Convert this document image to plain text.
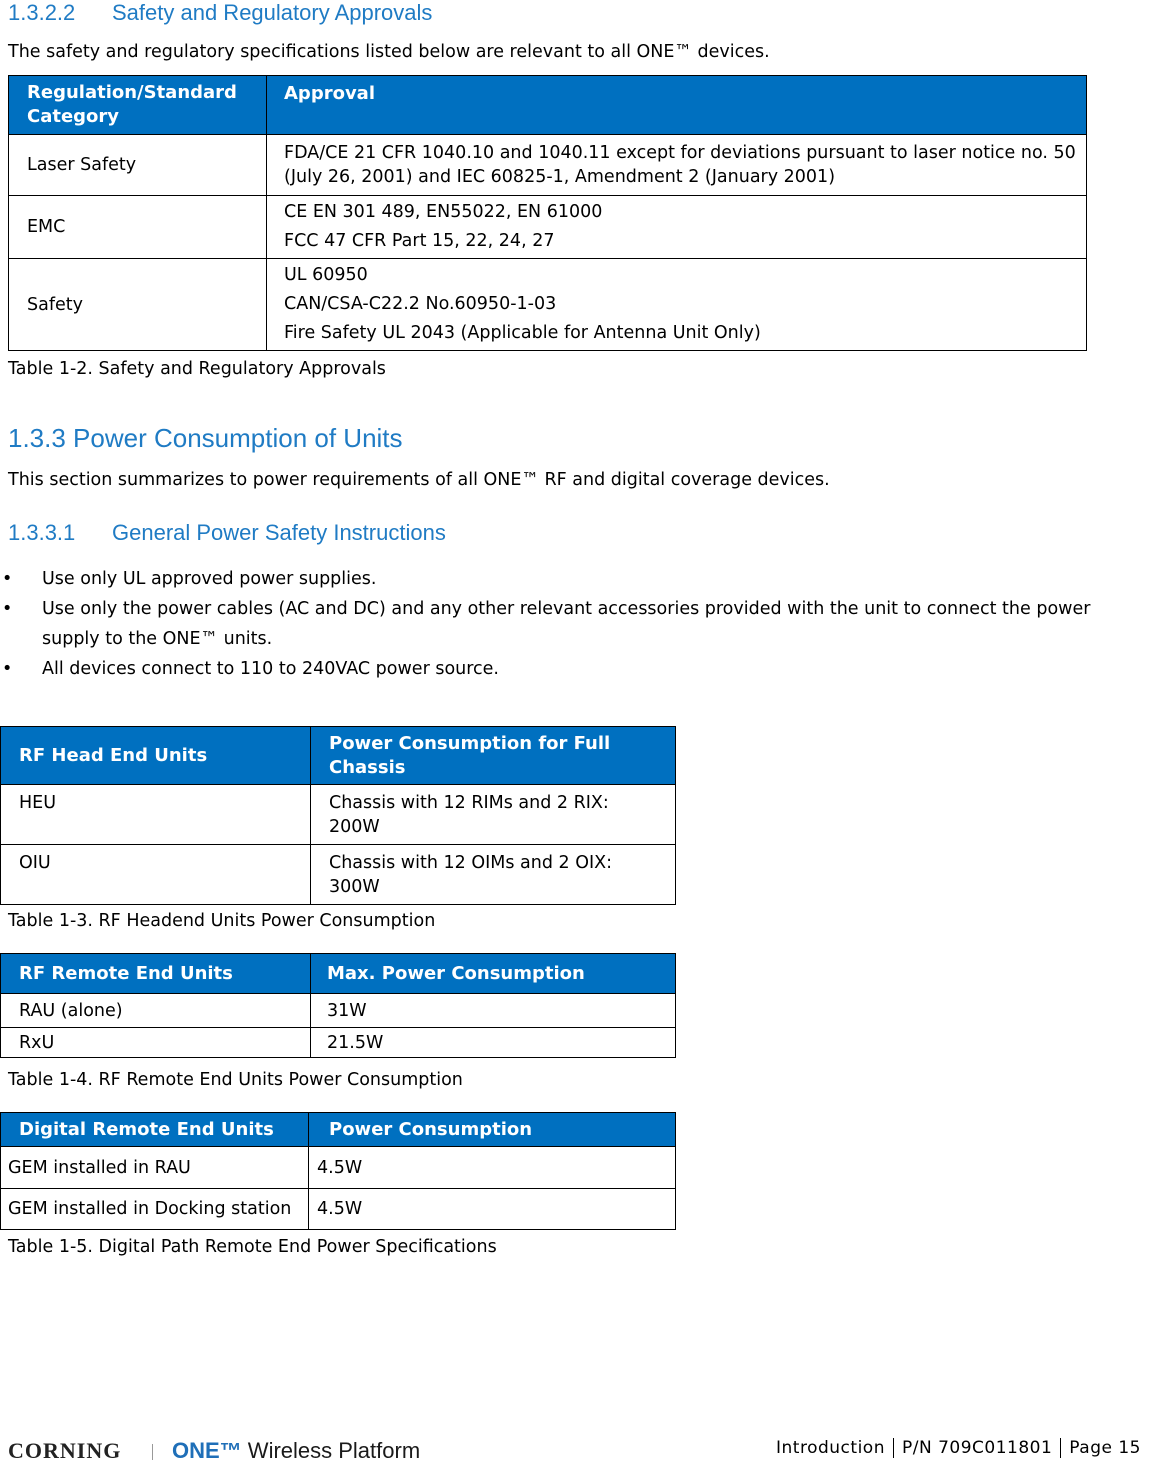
1.3.2.2 Safety and Regulatory Approvals

The safety and regulatory specifications listed below are relevant to all ONE™ devices.

Regulation/Standard Category	Approval
Laser Safety	FDA/CE 21 CFR 1040.10 and 1040.11 except for deviations pursuant to laser notice no. 50 (July 26, 2001) and IEC 60825-1, Amendment 2 (January 2001)

EMC	CE EN 301 489, EN55022, EN 61000
FCC 47 CFR Part 15, 22, 24, 27

Safety	UL 60950
CAN/CSA-C22.2 No.60950-1-03
Fire Safety UL 2043 (Applicable for Antenna Unit Only)

Table 1-2. Safety and Regulatory Approvals

1.3.3 Power Consumption of Units

This section summarizes to power requirements of all ONE™ RF and digital coverage devices.

1.3.3.1 General Power Safety Instructions
• Use only UL approved power supplies.
• Use only the power cables (AC and DC) and any other relevant accessories provided with the unit to connect the power supply to the ONE™ units.
• All devices connect to 110 to 240VAC power source.
RF Head End Units	Power Consumption for Full Chassis
HEU	Chassis with 12 RIMs and 2 RIX: 200W
OIU	Chassis with 12 OIMs and 2 OIX: 300W

Table 1-3. RF Headend Units Power Consumption

RF Remote End Units	Max. Power Consumption
RAU (alone)	31W
RxU	21.5W

Table 1-4. RF Remote End Units Power Consumption

Digital Remote End Units	Power Consumption
GEM installed in RAU	4.5W
GEM installed in Docking station	4.5W

Table 1-5. Digital Path Remote End Power Specifications

CORNING ONE™ Wireless Platform	Introduction P/N 709C011801 Page 15
